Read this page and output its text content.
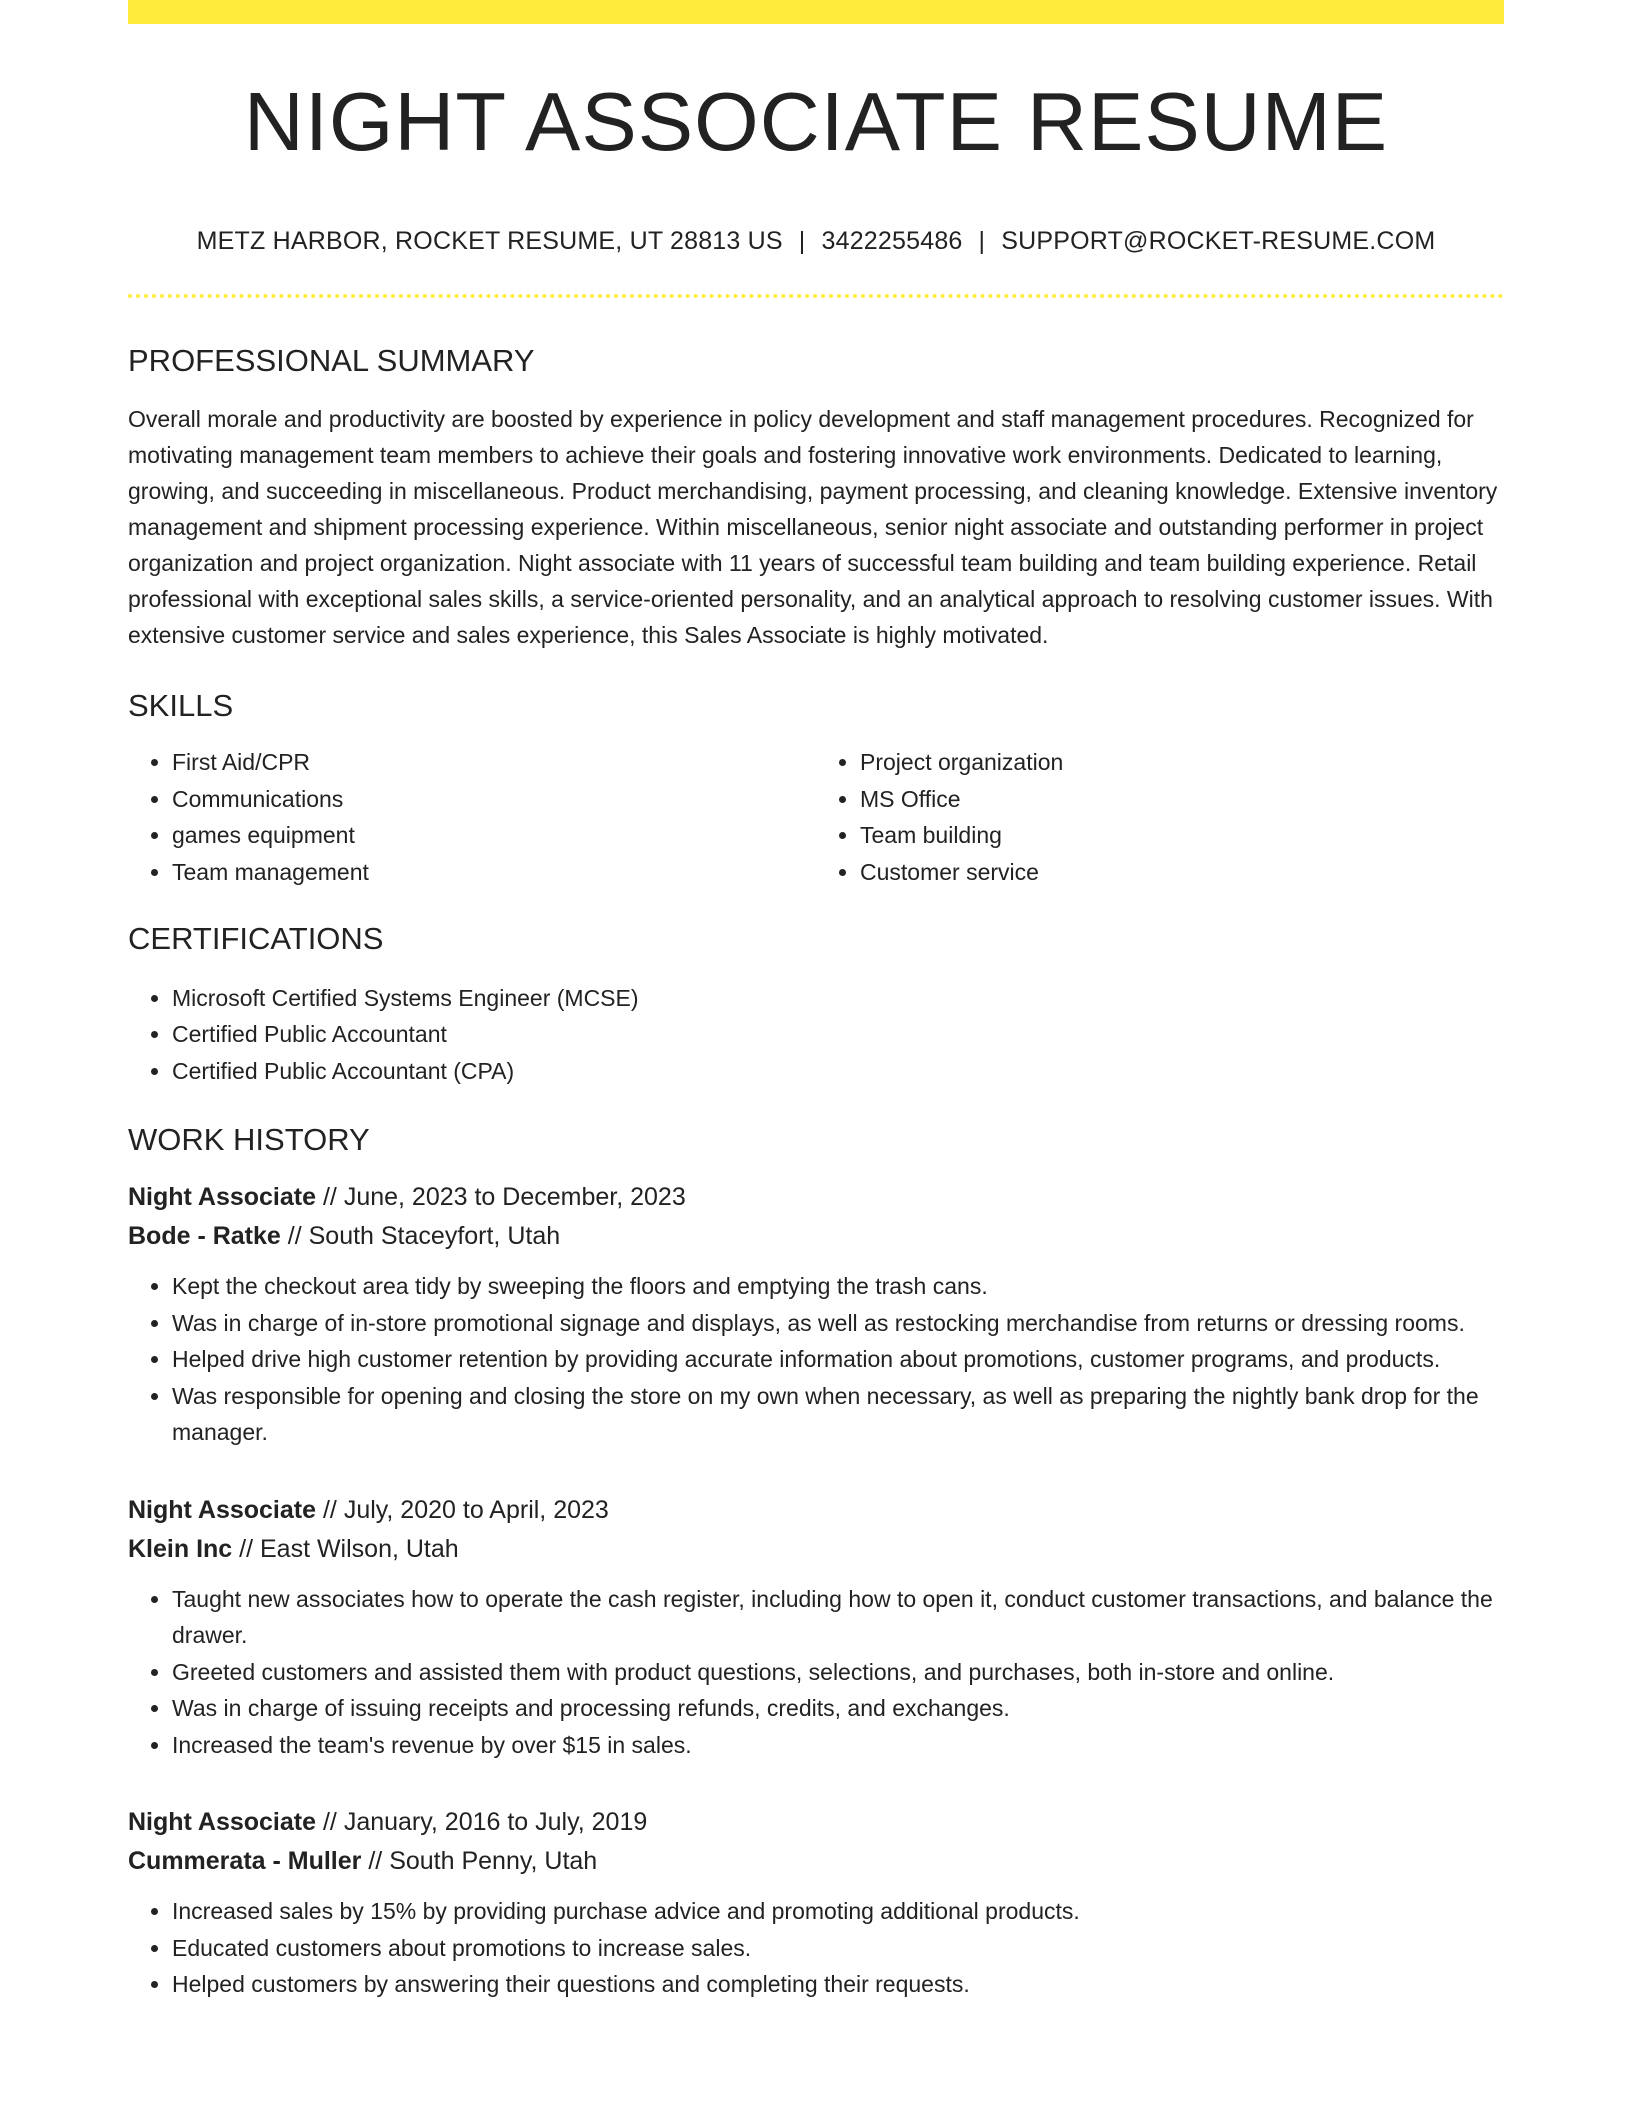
NIGHT ASSOCIATE RESUME
METZ HARBOR, ROCKET RESUME, UT 28813 US | 3422255486 | SUPPORT@ROCKET-RESUME.COM
PROFESSIONAL SUMMARY
Overall morale and productivity are boosted by experience in policy development and staff management procedures. Recognized for motivating management team members to achieve their goals and fostering innovative work environments. Dedicated to learning, growing, and succeeding in miscellaneous. Product merchandising, payment processing, and cleaning knowledge. Extensive inventory management and shipment processing experience. Within miscellaneous, senior night associate and outstanding performer in project organization and project organization. Night associate with 11 years of successful team building and team building experience. Retail professional with exceptional sales skills, a service-oriented personality, and an analytical approach to resolving customer issues. With extensive customer service and sales experience, this Sales Associate is highly motivated.
SKILLS
• First Aid/CPR
• Communications
• games equipment
• Team management
• Project organization
• MS Office
• Team building
• Customer service
CERTIFICATIONS
• Microsoft Certified Systems Engineer (MCSE)
• Certified Public Accountant
• Certified Public Accountant (CPA)
WORK HISTORY
Night Associate // June, 2023 to December, 2023
Bode - Ratke // South Staceyfort, Utah
• Kept the checkout area tidy by sweeping the floors and emptying the trash cans.
• Was in charge of in-store promotional signage and displays, as well as restocking merchandise from returns or dressing rooms.
• Helped drive high customer retention by providing accurate information about promotions, customer programs, and products.
• Was responsible for opening and closing the store on my own when necessary, as well as preparing the nightly bank drop for the manager.
Night Associate // July, 2020 to April, 2023
Klein Inc // East Wilson, Utah
• Taught new associates how to operate the cash register, including how to open it, conduct customer transactions, and balance the drawer.
• Greeted customers and assisted them with product questions, selections, and purchases, both in-store and online.
• Was in charge of issuing receipts and processing refunds, credits, and exchanges.
• Increased the team's revenue by over $15 in sales.
Night Associate // January, 2016 to July, 2019
Cummerata - Muller // South Penny, Utah
• Increased sales by 15% by providing purchase advice and promoting additional products.
• Educated customers about promotions to increase sales.
• Helped customers by answering their questions and completing their requests.
